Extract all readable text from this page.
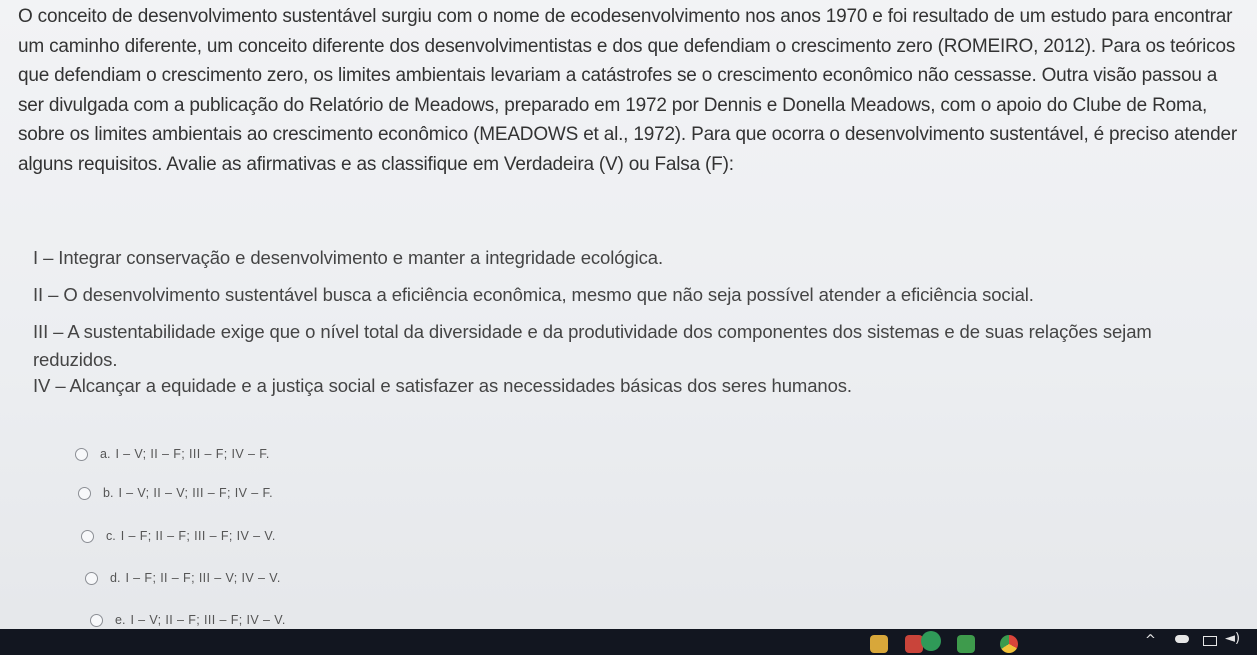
O conceito de desenvolvimento sustentável surgiu com o nome de ecodesenvolvimento nos anos 1970 e foi resultado de um estudo para encontrar um caminho diferente, um conceito diferente dos desenvolvimentistas e dos que defendiam o crescimento zero (ROMEIRO, 2012). Para os teóricos que defendiam o crescimento zero, os limites ambientais levariam a catástrofes se o crescimento econômico não cessasse. Outra visão passou a ser divulgada com a publicação do Relatório de Meadows, preparado em 1972 por Dennis e Donella Meadows, com o apoio do Clube de Roma, sobre os limites ambientais ao crescimento econômico (MEADOWS et al., 1972). Para que ocorra o desenvolvimento sustentável, é preciso atender alguns requisitos. Avalie as afirmativas e as classifique em Verdadeira (V) ou Falsa (F):
I – Integrar conservação e desenvolvimento e manter a integridade ecológica.
II – O desenvolvimento sustentável busca a eficiência econômica, mesmo que não seja possível atender a eficiência social.
III – A sustentabilidade exige que o nível total da diversidade e da produtividade dos componentes dos sistemas e de suas relações sejam reduzidos.
IV – Alcançar a equidade e a justiça social e satisfazer as necessidades básicas dos seres humanos.
a. I – V; II – F; III – F; IV – F.
b. I – V; II – V; III – F; IV – F.
c. I – F; II – F; III – F; IV – V.
d. I – F; II – F; III – V; IV – V.
e. I – V; II – F; III – F; IV – V.
^	◄)
